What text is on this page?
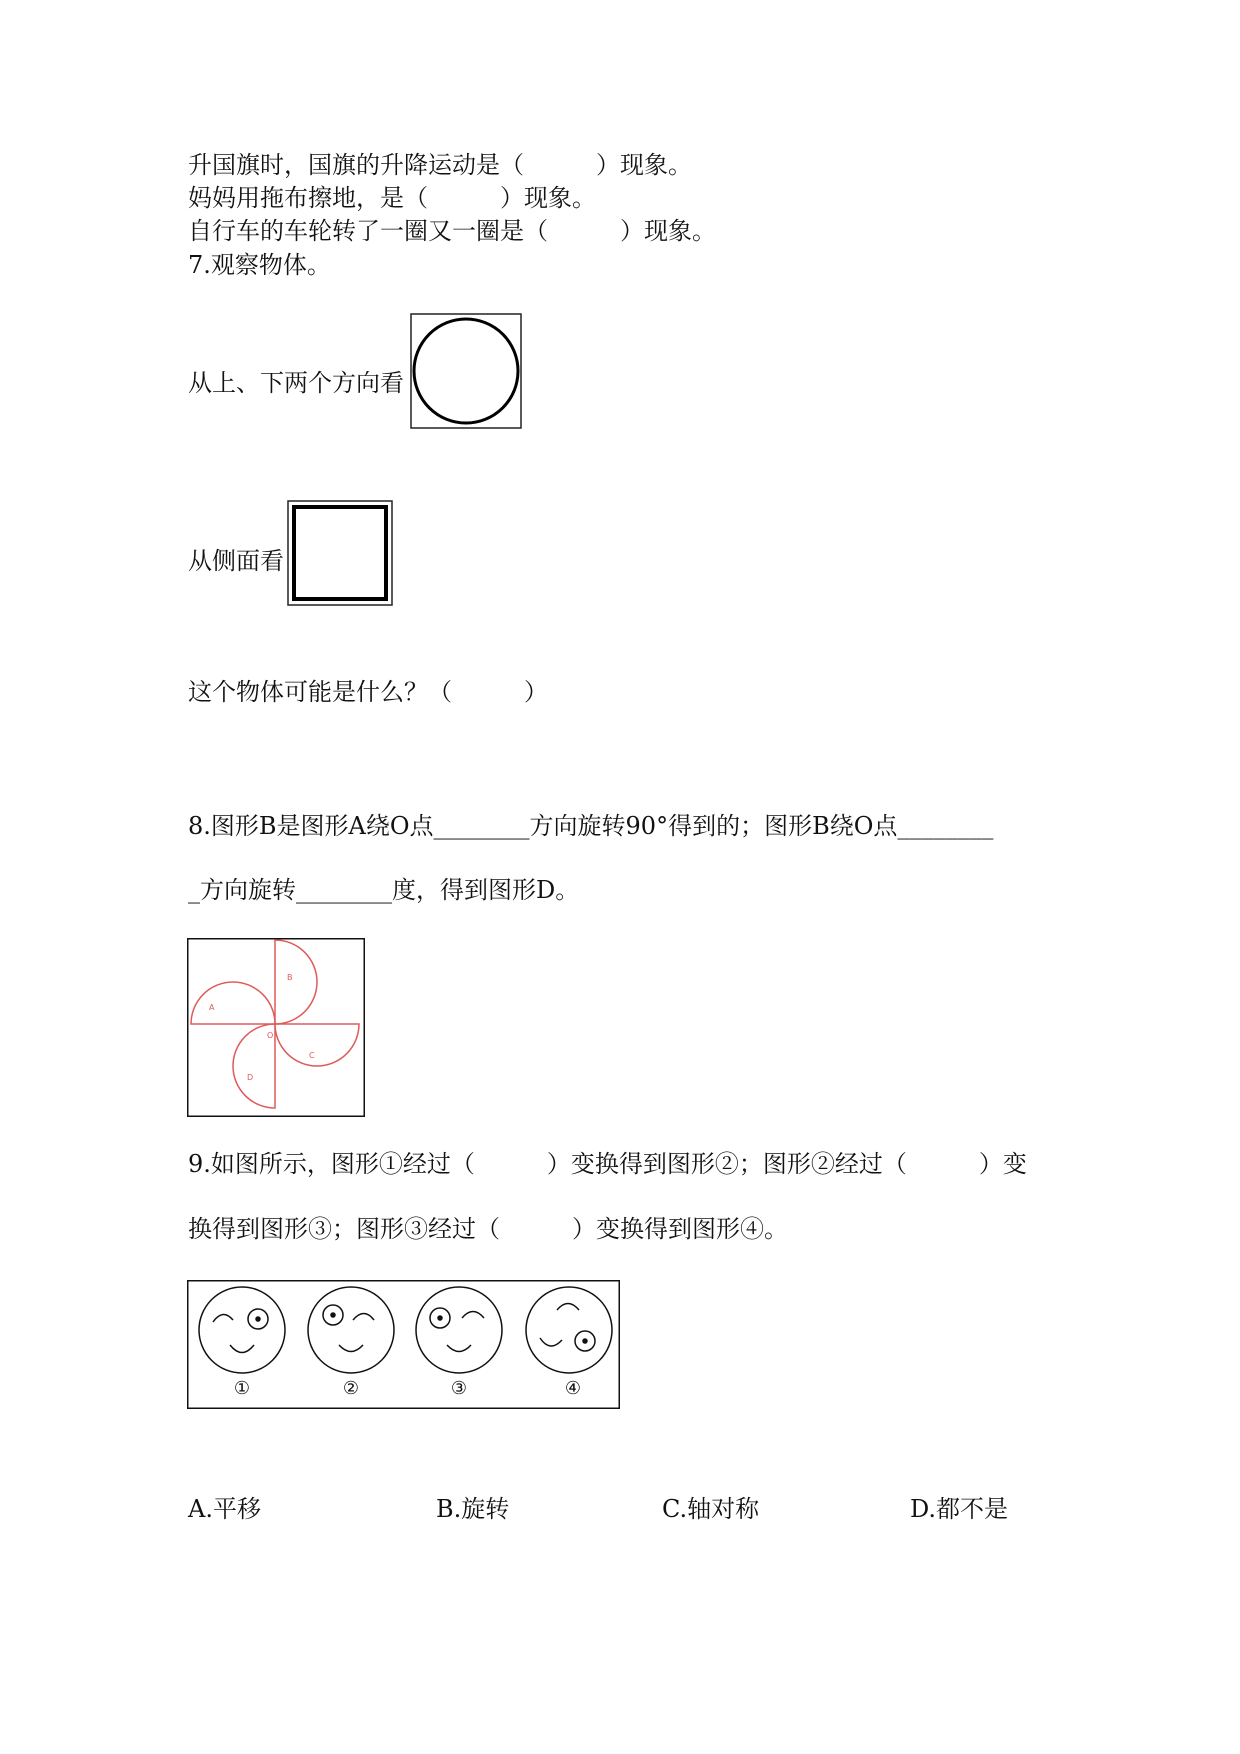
升国旗时，国旗的升降运动是（　　　）现象。
妈妈用拖布擦地，是（　　　）现象。
自行车的车轮转了一圈又一圈是（　　　）现象。
7.观察物体。
从上、下两个方向看
从侧面看
这个物体可能是什么？（　　　）
8.图形B是图形A绕O点________方向旋转90°得到的；图形B绕O点________
_方向旋转________度，得到图形D。
A
B
C
D
O
9.如图所示，图形①经过（　　　）变换得到图形②；图形②经过（　　　）变
换得到图形③；图形③经过（　　　）变换得到图形④。
①	②	③	④
A.平移	B.旋转	C.轴对称	D.都不是
